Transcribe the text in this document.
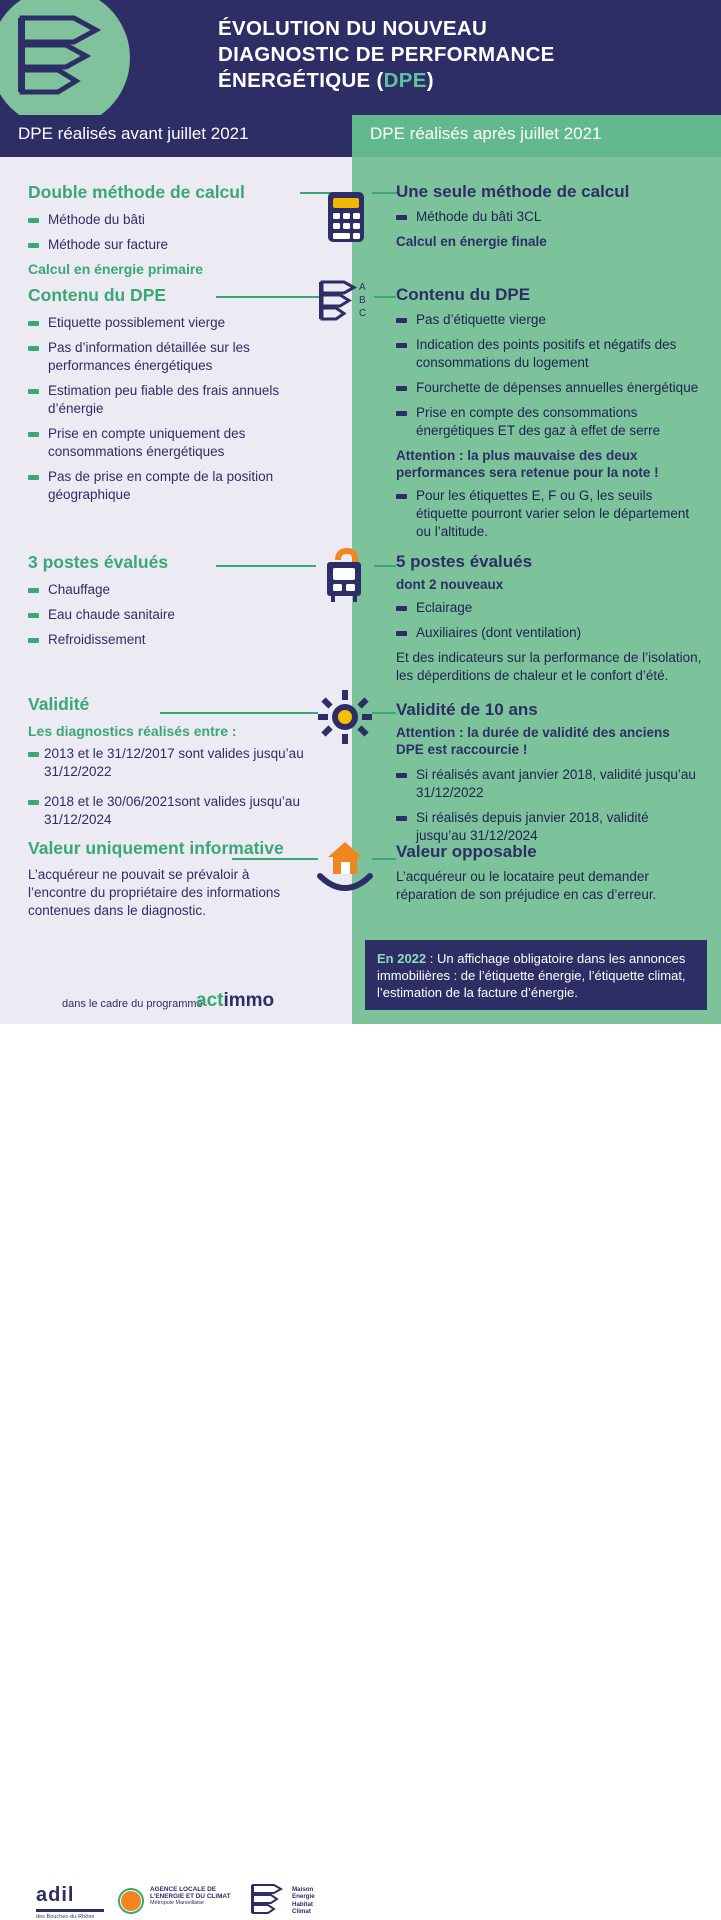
ÉVOLUTION DU NOUVEAU
DIAGNOSTIC DE PERFORMANCE
ÉNERGÉTIQUE (DPE)
DPE réalisés avant juillet 2021	DPE réalisés après juillet 2021
Double méthode de calcul
Méthode du bâti
Méthode sur facture
Calcul en énergie primaire
Une seule méthode de calcul
Méthode du bâti 3CL
Calcul en énergie finale
A
B
C
Contenu du DPE
Etiquette possiblement vierge
Pas d’information détaillée sur les performances énergétiques
Estimation peu fiable des frais annuels d’énergie
Prise en compte uniquement des consommations énergétiques
Pas de prise en compte de la position géographique
Contenu du DPE
Pas d’étiquette vierge
Indication des points positifs et négatifs des consommations du logement
Fourchette de dépenses annuelles énergétique
Prise en compte des consommations énergétiques ET des gaz à effet de serre
Attention : la plus mauvaise des deux performances sera retenue pour la note !
Pour les étiquettes E, F ou G, les seuils étiquette pourront varier selon le département ou l’altitude.
3 postes évalués
Chauffage
Eau chaude sanitaire
Refroidissement
5 postes évalués
dont 2 nouveaux
Eclairage
Auxiliaires (dont ventilation)
Et des indicateurs sur la performance de l’isolation, les déperditions de chaleur et le confort d’été.
Validité
Les diagnostics réalisés entre :
2013 et le 31/12/2017 sont valides jusqu’au 31/12/2022
2018 et le 30/06/2021sont valides jusqu’au 31/12/2024
Validité de 10 ans
Attention : la durée de validité des anciens DPE est raccourcie !
Si réalisés avant janvier 2018, validité jusqu’au 31/12/2022
Si réalisés depuis janvier 2018, validité jusqu’au 31/12/2024
Valeur uniquement informative
L’acquéreur ne pouvait se prévaloir à l’encontre du propriétaire des informations contenues dans le diagnostic.
Valeur opposable
L’acquéreur ou le locataire peut demander réparation de son préjudice en cas d’erreur.
En 2022 : Un affichage obligatoire dans les annonces immobilières : de l’étiquette énergie, l’étiquette climat, l’estimation de la facture d’énergie.
adil
des Bouches-du-Rhône
AGENCE LOCALE DE
L’ENERGIE ET DU CLIMAT
Métropole Marseillaise
Maison
Energie
Habitat
Climat
dans le cadre du programme
actimmo
